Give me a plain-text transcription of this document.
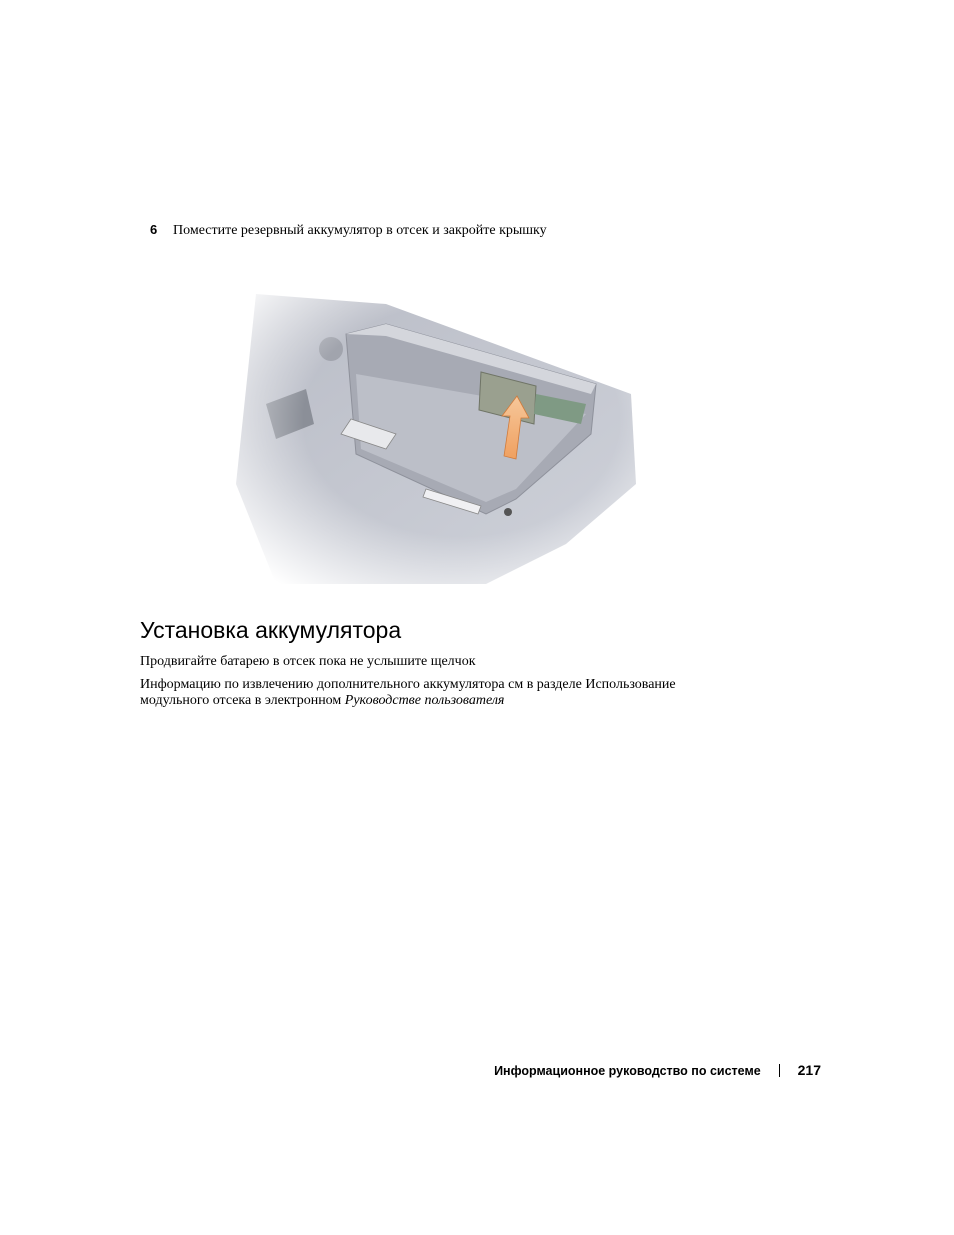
6 Поместите резервный аккумулятор в отсек и закройте крышку
Установка аккумулятора

Продвигайте батарею в отсек пока не услышите щелчок

Информацию по извлечению дополнительного аккумулятора см в разделе Использование
модульного отсека в электронном Руководстве пользователя

Информационное руководство по системе	217
